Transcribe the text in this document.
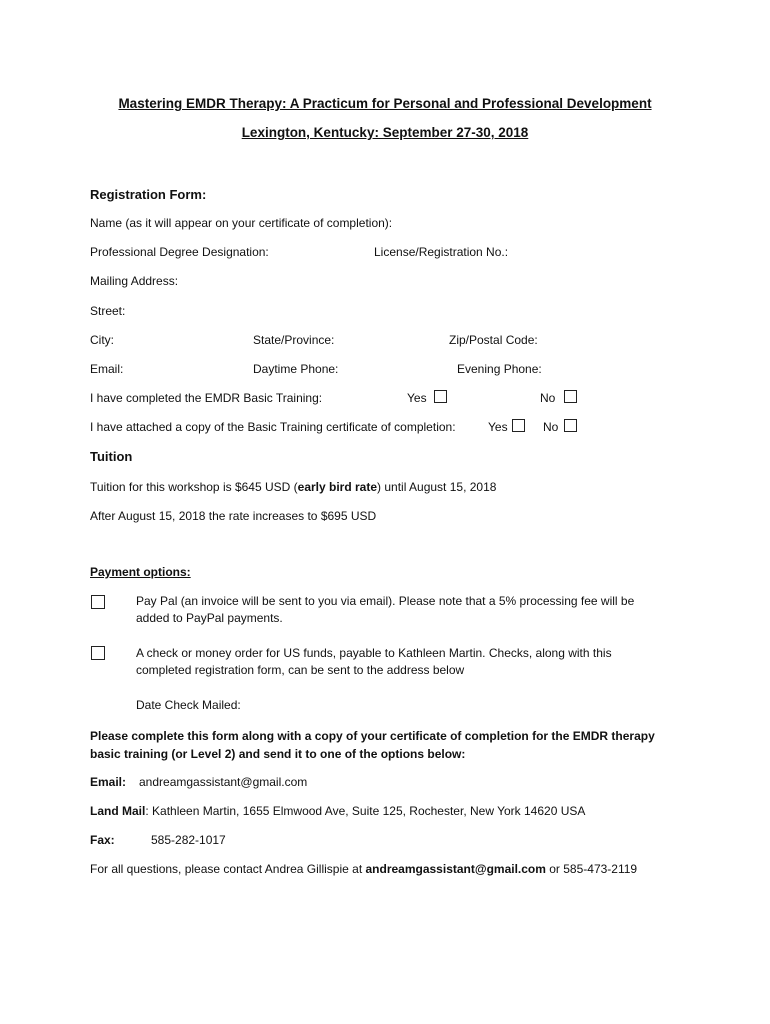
Mastering EMDR Therapy: A Practicum for Personal and Professional Development
Lexington, Kentucky: September 27-30, 2018
Registration Form:
Name (as it will appear on your certificate of completion):
Professional Degree Designation:	License/Registration No.:
Mailing Address:
Street:
City:	State/Province:	Zip/Postal Code:
Email:	Daytime Phone:	Evening Phone:
I have completed the EMDR Basic Training:	Yes	No
I have attached a copy of the Basic Training certificate of completion:	Yes	No
Tuition
Tuition for this workshop is $645 USD (early bird rate) until August 15, 2018
After August 15, 2018 the rate increases to $695 USD
Payment options:
Pay Pal (an invoice will be sent to you via email). Please note that a 5% processing fee will be added to PayPal payments.
A check or money order for US funds, payable to Kathleen Martin. Checks, along with this completed registration form, can be sent to the address below
Date Check Mailed:
Please complete this form along with a copy of your certificate of completion for the EMDR therapy basic training (or Level 2) and send it to one of the options below:
Email: andreamgassistant@gmail.com
Land Mail: Kathleen Martin, 1655 Elmwood Ave, Suite 125, Rochester, New York 14620 USA
Fax:	585-282-1017
For all questions, please contact Andrea Gillispie at andreamgassistant@gmail.com or 585-473-2119
